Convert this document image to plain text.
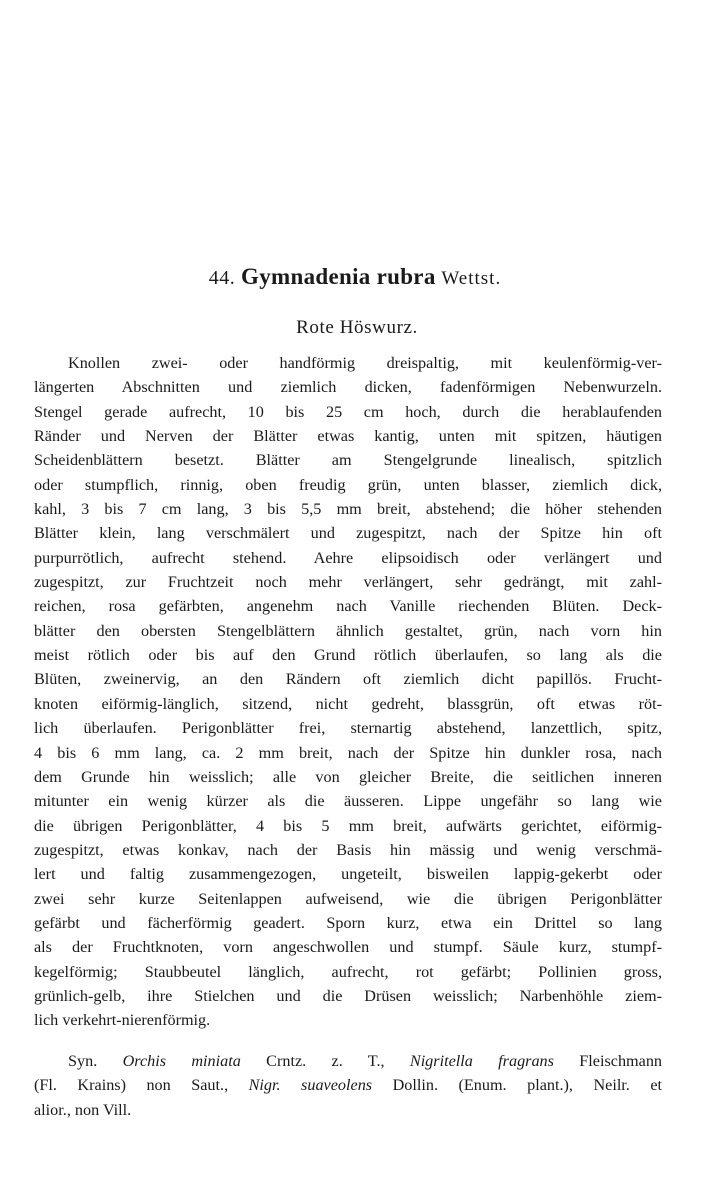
44. Gymnadenia rubra Wettst.
Rote Höswurz.
Knollen zwei- oder handförmig dreispaltig, mit keulenförmig-ver-
längerten Abschnitten und ziemlich dicken, fadenförmigen Nebenwurzeln.
Stengel gerade aufrecht, 10 bis 25 cm hoch, durch die herablaufenden
Ränder und Nerven der Blätter etwas kantig, unten mit spitzen, häutigen
Scheidenblättern besetzt. Blätter am Stengelgrunde linealisch, spitzlich
oder stumpflich, rinnig, oben freudig grün, unten blasser, ziemlich dick,
kahl, 3 bis 7 cm lang, 3 bis 5,5 mm breit, abstehend; die höher stehenden
Blätter klein, lang verschmälert und zugespitzt, nach der Spitze hin oft
purpurrötlich, aufrecht stehend. Aehre elipsoidisch oder verlängert und
zugespitzt, zur Fruchtzeit noch mehr verlängert, sehr gedrängt, mit zahl-
reichen, rosa gefärbten, angenehm nach Vanille riechenden Blüten. Deck-
blätter den obersten Stengelblättern ähnlich gestaltet, grün, nach vorn hin
meist rötlich oder bis auf den Grund rötlich überlaufen, so lang als die
Blüten, zweinervig, an den Rändern oft ziemlich dicht papillös. Frucht-
knoten eiförmig-länglich, sitzend, nicht gedreht, blassgrün, oft etwas röt-
lich überlaufen. Perigonblätter frei, sternartig abstehend, lanzettlich, spitz,
4 bis 6 mm lang, ca. 2 mm breit, nach der Spitze hin dunkler rosa, nach
dem Grunde hin weisslich; alle von gleicher Breite, die seitlichen inneren
mitunter ein wenig kürzer als die äusseren. Lippe ungefähr so lang wie
die übrigen Perigonblätter, 4 bis 5 mm breit, aufwärts gerichtet, eiförmig-
zugespitzt, etwas konkav, nach der Basis hin mässig und wenig verschmä-
lert und faltig zusammengezogen, ungeteilt, bisweilen lappig-gekerbt oder
zwei sehr kurze Seitenlappen aufweisend, wie die übrigen Perigonblätter
gefärbt und fächerförmig geadert. Sporn kurz, etwa ein Drittel so lang
als der Fruchtknoten, vorn angeschwollen und stumpf. Säule kurz, stumpf-
kegelförmig; Staubbeutel länglich, aufrecht, rot gefärbt; Pollinien gross,
grünlich-gelb, ihre Stielchen und die Drüsen weisslich; Narbenhöhle ziem-
lich verkehrt-nierenförmig.
Syn. Orchis miniata Crntz. z. T., Nigritella fragrans Fleischmann
(Fl. Krains) non Saut., Nigr. suaveolens Dollin. (Enum. plant.), Neilr. et
alior., non Vill.
